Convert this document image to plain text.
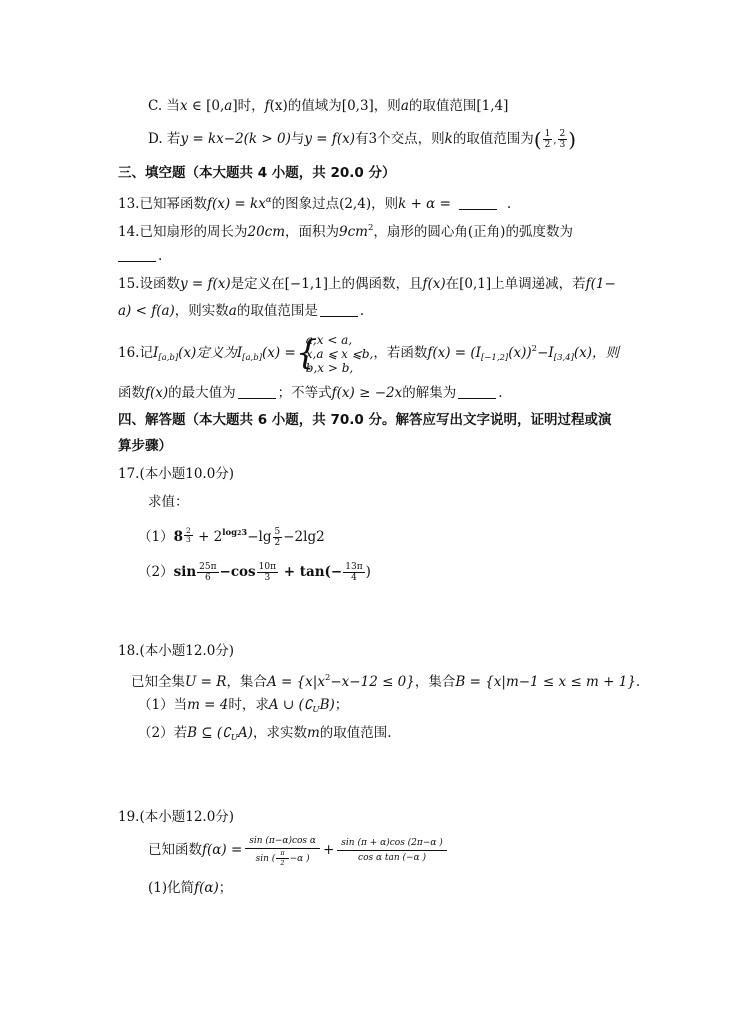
C. 当x ∈ [0,a]时，f(x)的值域为[0,3]，则a的取值范围[1,4]
D. 若y = kx−2(k > 0)与y = f(x)有3个交点，则k的取值范围为( $\frac{1}{2}$ , $\frac{2}{3}$ )
三、填空题（本大题共 4 小题，共 20.0 分）
13.已知幂函数$f(x) = kx^\alpha$的图象过点(2,4)，则k + α =	.
14.已知扇形的周长为20cm，面积为$9cm^2$，扇形的圆心角(正角)的弧度数为
.
15.设函数y = f(x)是定义在[−1,1]上的偶函数，且f(x)在[0,1]上单调递减，若f(1−
a) < f(a)，则实数a的取值范围是	.
16.记$I_{[a,b]}(x)$定义为$I_{[a,b]}(x)$ = {
a,x < a,
x,a ⩽ x ⩽b,
b,x > b,
，若函数$f(x) = (I_{[-1,2]}(x))^2-I_{[3,4]}(x)$，则
函数f(x)的最大值为	；不等式f(x) ≥ −2x的解集为	.
四、解答题（本大题共 6 小题，共 70.0 分。解答应写出文字说明，证明过程或演
算步骤）
17.(本小题10.0分)
求值：
$(1)8 \frac{2}{3} + 2^{log23}-\lg \frac{5}{2} -2\lg 2$
$(2)\sin \frac{25\pi}{6} -\cos \frac{10\pi}{3} + \tan(- \frac{13\pi}{4}$ )
18.(本小题12.0分)
已知全集U = R，集合$A = \{x|x^2-x-12 \le 0\}$，集合B = {x|m−1 ≤ x ≤ m + 1}.
（1）当m = 4时，求A ∪ $(∁_UB)$；
（2）若B ⊆ $(∁_UA)$，求实数m的取值范围.
19.(本小题12.0分)
已知函数$f(\alpha) = \frac{\text{sin (π−α)cos α}}{\sin ( \frac{\pi}{2} -\alpha )} + \frac{\sin (\pi + \alpha)\cos (2\pi-\alpha )}{\text{cos α tan (−α )}}$
(1)化简f(α)；
